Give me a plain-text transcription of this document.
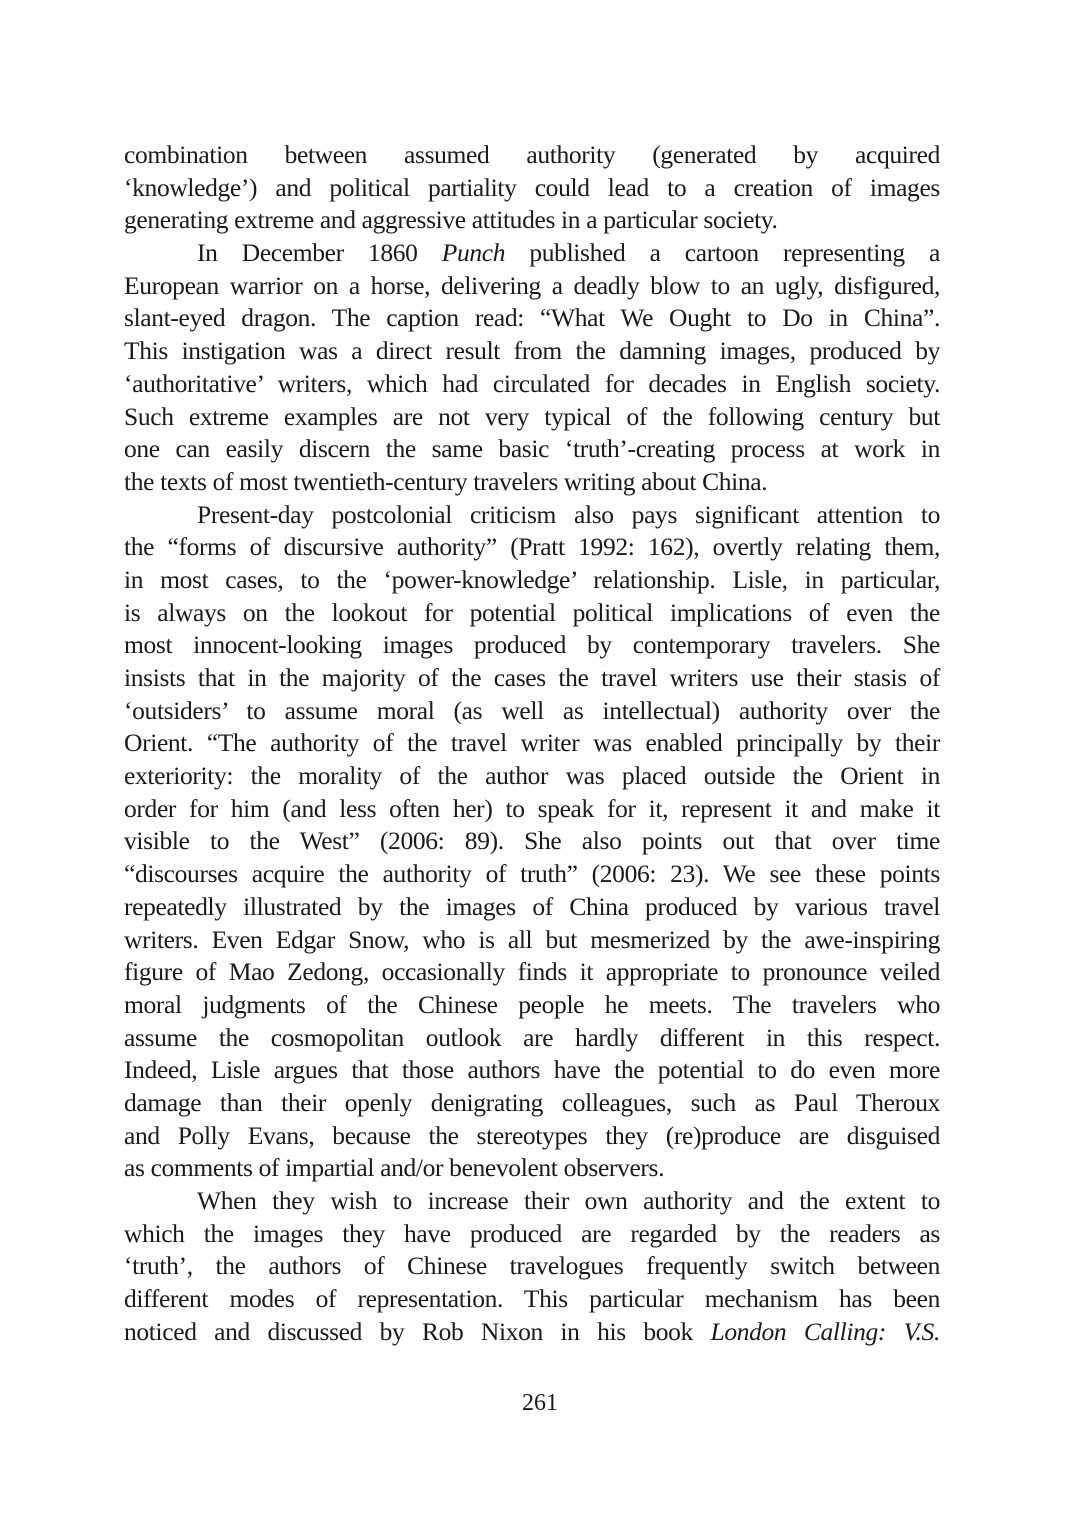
combination between assumed authority (generated by acquired
‘knowledge’) and political partiality could lead to a creation of images
generating extreme and aggressive attitudes in a particular society.
In December 1860 Punch published a cartoon representing a
European warrior on a horse, delivering a deadly blow to an ugly, disfigured,
slant-eyed dragon. The caption read: “What We Ought to Do in China”.
This instigation was a direct result from the damning images, produced by
‘authoritative’ writers, which had circulated for decades in English society.
Such extreme examples are not very typical of the following century but
one can easily discern the same basic ‘truth’-creating process at work in
the texts of most twentieth-century travelers writing about China.
Present-day postcolonial criticism also pays significant attention to
the “forms of discursive authority” (Pratt 1992: 162), overtly relating them,
in most cases, to the ‘power-knowledge’ relationship. Lisle, in particular,
is always on the lookout for potential political implications of even the
most innocent-looking images produced by contemporary travelers. She
insists that in the majority of the cases the travel writers use their stasis of
‘outsiders’ to assume moral (as well as intellectual) authority over the
Orient. “The authority of the travel writer was enabled principally by their
exteriority: the morality of the author was placed outside the Orient in
order for him (and less often her) to speak for it, represent it and make it
visible to the West” (2006: 89). She also points out that over time
“discourses acquire the authority of truth” (2006: 23). We see these points
repeatedly illustrated by the images of China produced by various travel
writers. Even Edgar Snow, who is all but mesmerized by the awe-inspiring
figure of Mao Zedong, occasionally finds it appropriate to pronounce veiled
moral judgments of the Chinese people he meets. The travelers who
assume the cosmopolitan outlook are hardly different in this respect.
Indeed, Lisle argues that those authors have the potential to do even more
damage than their openly denigrating colleagues, such as Paul Theroux
and Polly Evans, because the stereotypes they (re)produce are disguised
as comments of impartial and/or benevolent observers.
When they wish to increase their own authority and the extent to
which the images they have produced are regarded by the readers as
‘truth’, the authors of Chinese travelogues frequently switch between
different modes of representation. This particular mechanism has been
noticed and discussed by Rob Nixon in his book London Calling: V.S.
261
